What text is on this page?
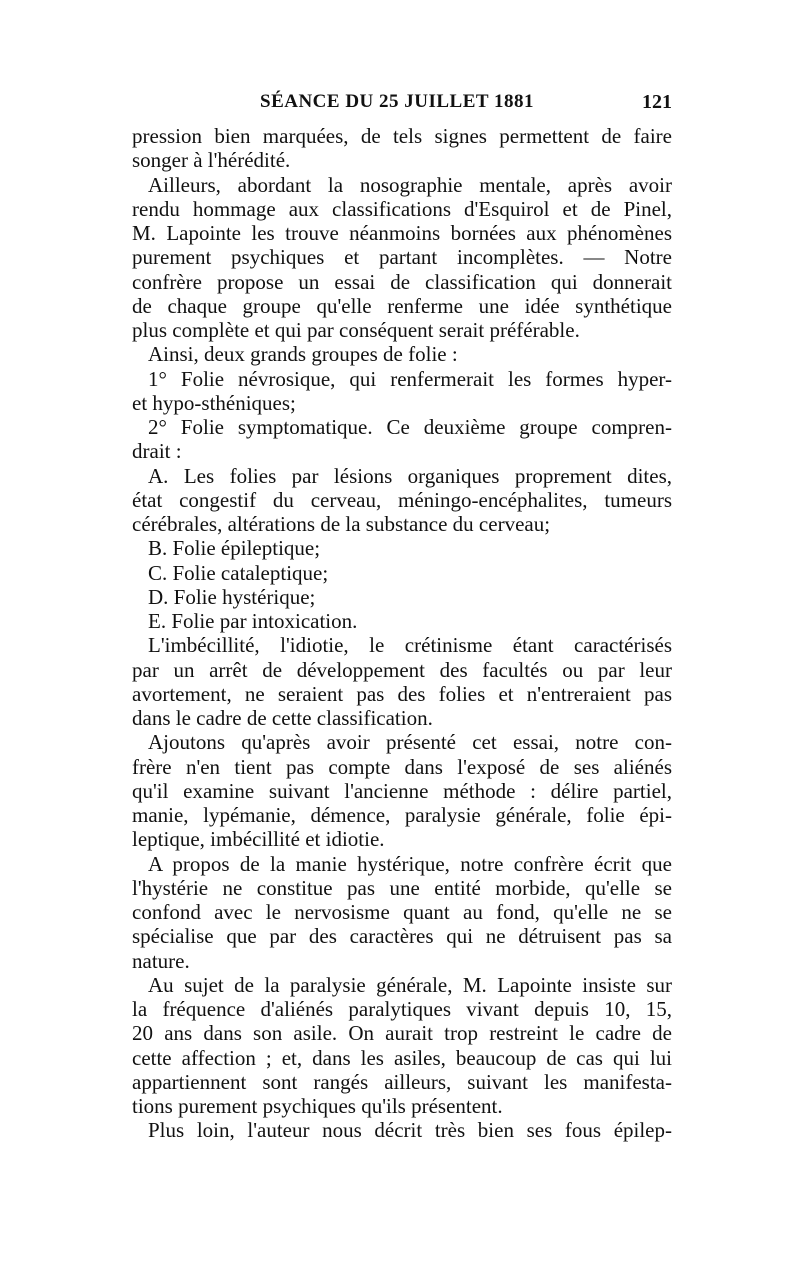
SÉANCE DU 25 JUILLET 1881	121
pression bien marquées, de tels signes permettent de faire
songer à l'hérédité.
Ailleurs, abordant la nosographie mentale, après avoir
rendu hommage aux classifications d'Esquirol et de Pinel,
M. Lapointe les trouve néanmoins bornées aux phénomènes
purement psychiques et partant incomplètes. — Notre
confrère propose un essai de classification qui donnerait
de chaque groupe qu'elle renferme une idée synthétique
plus complète et qui par conséquent serait préférable.
Ainsi, deux grands groupes de folie :
1° Folie névrosique, qui renfermerait les formes hyper-
et hypo-sthéniques;
2° Folie symptomatique. Ce deuxième groupe compren-
drait :
A. Les folies par lésions organiques proprement dites,
état congestif du cerveau, méningo-encéphalites, tumeurs
cérébrales, altérations de la substance du cerveau;
B. Folie épileptique;
C. Folie cataleptique;
D. Folie hystérique;
E. Folie par intoxication.
L'imbécillité, l'idiotie, le crétinisme étant caractérisés
par un arrêt de développement des facultés ou par leur
avortement, ne seraient pas des folies et n'entreraient pas
dans le cadre de cette classification.
Ajoutons qu'après avoir présenté cet essai, notre con-
frère n'en tient pas compte dans l'exposé de ses aliénés
qu'il examine suivant l'ancienne méthode : délire partiel,
manie, lypémanie, démence, paralysie générale, folie épi-
leptique, imbécillité et idiotie.
A propos de la manie hystérique, notre confrère écrit que
l'hystérie ne constitue pas une entité morbide, qu'elle se
confond avec le nervosisme quant au fond, qu'elle ne se
spécialise que par des caractères qui ne détruisent pas sa
nature.
Au sujet de la paralysie générale, M. Lapointe insiste sur
la fréquence d'aliénés paralytiques vivant depuis 10, 15,
20 ans dans son asile. On aurait trop restreint le cadre de
cette affection ; et, dans les asiles, beaucoup de cas qui lui
appartiennent sont rangés ailleurs, suivant les manifesta-
tions purement psychiques qu'ils présentent.
Plus loin, l'auteur nous décrit très bien ses fous épilep-
